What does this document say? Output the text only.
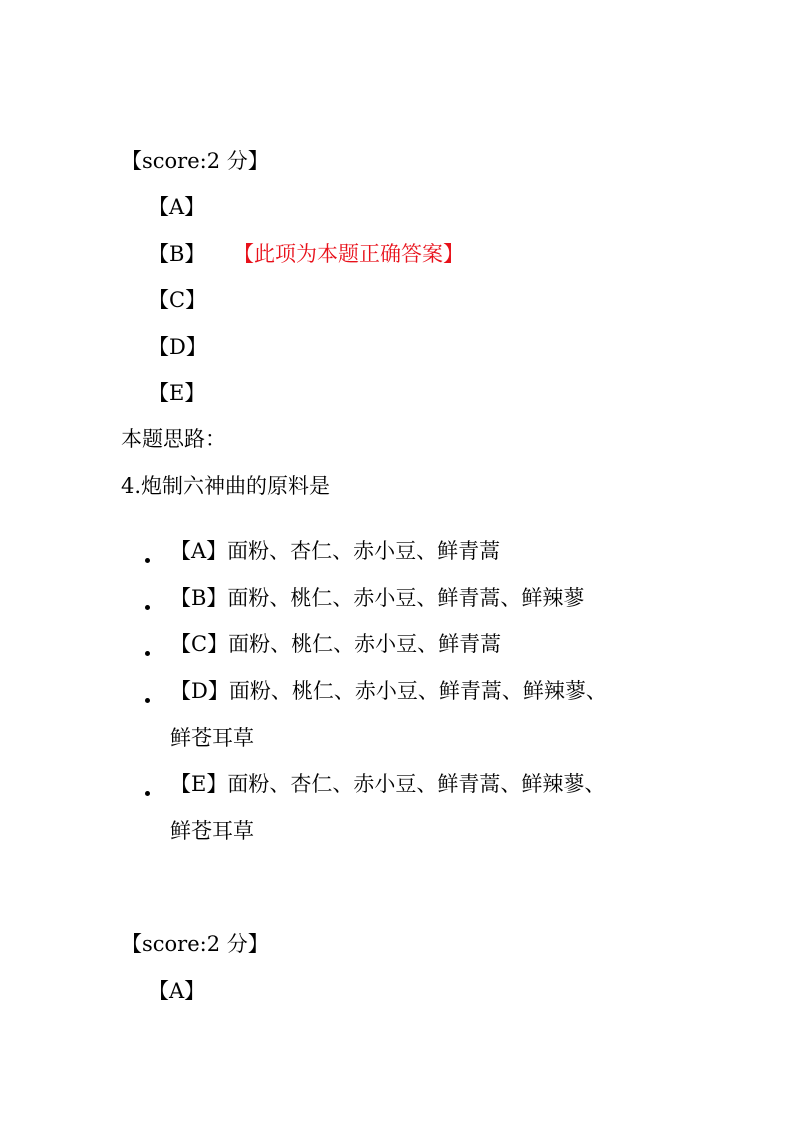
【score:2 分】
【A】
【B】 【此项为本题正确答案】
【C】
【D】
【E】
本题思路：
4.炮制六神曲的原料是
【A】面粉、杏仁、赤小豆、鲜青蒿
【B】面粉、桃仁、赤小豆、鲜青蒿、鲜辣蓼
【C】面粉、桃仁、赤小豆、鲜青蒿
【D】面粉、桃仁、赤小豆、鲜青蒿、鲜辣蓼、
鲜苍耳草
【E】面粉、杏仁、赤小豆、鲜青蒿、鲜辣蓼、
鲜苍耳草
【score:2 分】
【A】
